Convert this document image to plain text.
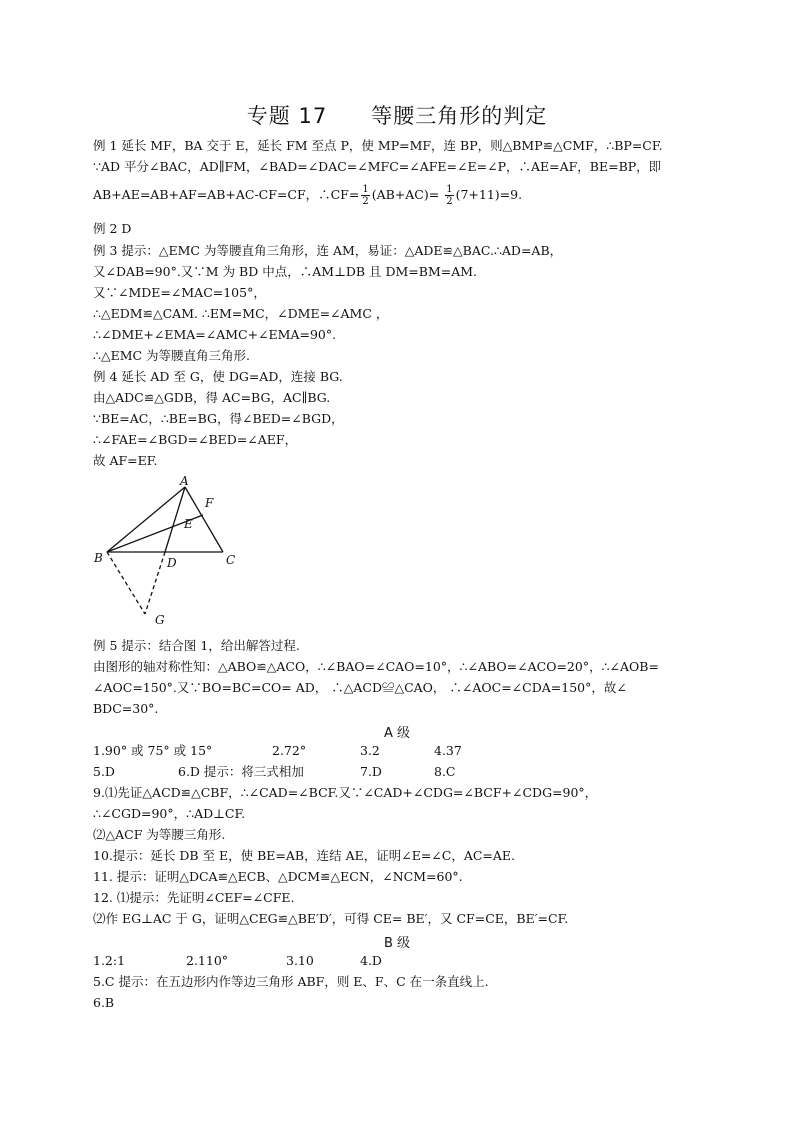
专题 17 等腰三角形的判定
例 1 延长 MF，BA 交于 E，延长 FM 至点 P，使 MP=MF，连 BP，则△BMP≌△CMF，∴BP=CF.
∵AD 平分∠BAC，AD∥FM，∠BAD=∠DAC=∠MFC=∠AFE=∠E=∠P，∴AE=AF，BE=BP，即
AB+AE=AB+AF=AB+AC-CF=CF，∴CF= $\frac{1}{2} (AB+AC)= \frac{1}{2} (7+11)=9$.
例 2 D
例 3 提示：△EMC 为等腰直角三角形，连 AM，易证：△ADE≌△BAC.∴AD=AB，
又∠DAB=90°.又∵M 为 BD 中点，∴AM⊥DB 且 DM=BM=AM.
又∵∠MDE=∠MAC=105°，
∴△EDM≌△CAM. ∴EM=MC，∠DME=∠AMC ，
∴∠DME+∠EMA=∠AMC+∠EMA=90°.
∴△EMC 为等腰直角三角形.
例 4 延长 AD 至 G，使 DG=AD，连接 BG.
由△ADC≌△GDB，得 AC=BG，AC∥BG.
∵BE=AC，∴BE=BG，得∠BED=∠BGD，
∴∠FAE=∠BGD=∠BED=∠AEF，
故 AF=EF.
A
B	C
D
E
F
G
例 5 提示：结合图 1，给出解答过程.
由图形的轴对称性知：△ABO≌△ACO，∴∠BAO=∠CAO=10°，∴∠ABO=∠ACO=20°，∴∠AOB=
∠AOC=150°.又∵BO=BC=CO= AD， ∴△ACD≌△CAO， ∴∠AOC=∠CDA=150°，故∠
BDC=30°.
A 级
1.90° 或 75° 或 15°	2.72°	3.2	4.37
5.D	6.D 提示：将三式相加	7.D	8.C
9.⑴先证△ACD≌△CBF，∴∠CAD=∠BCF.又∵∠CAD+∠CDG=∠BCF+∠CDG=90°，
∴∠CGD=90°，∴AD⊥CF.
⑵△ACF 为等腰三角形.
10.提示：延长 DB 至 E，使 BE=AB，连结 AE，证明∠E=∠C，AC=AE.
11. 提示：证明△DCA≌△ECB、△DCM≌△ECN，∠NCM=60°.
12. ⑴提示：先证明∠CEF=∠CFE.
⑵作 EG⊥AC 于 G，证明△CEG≌△BE′D′，可得 CE= BE′，又 CF=CE，BE′=CF.
B 级
1.2:1	2.110°	3.10	4.D
5.C 提示：在五边形内作等边三角形 ABF，则 E、F、C 在一条直线上.
6.B
